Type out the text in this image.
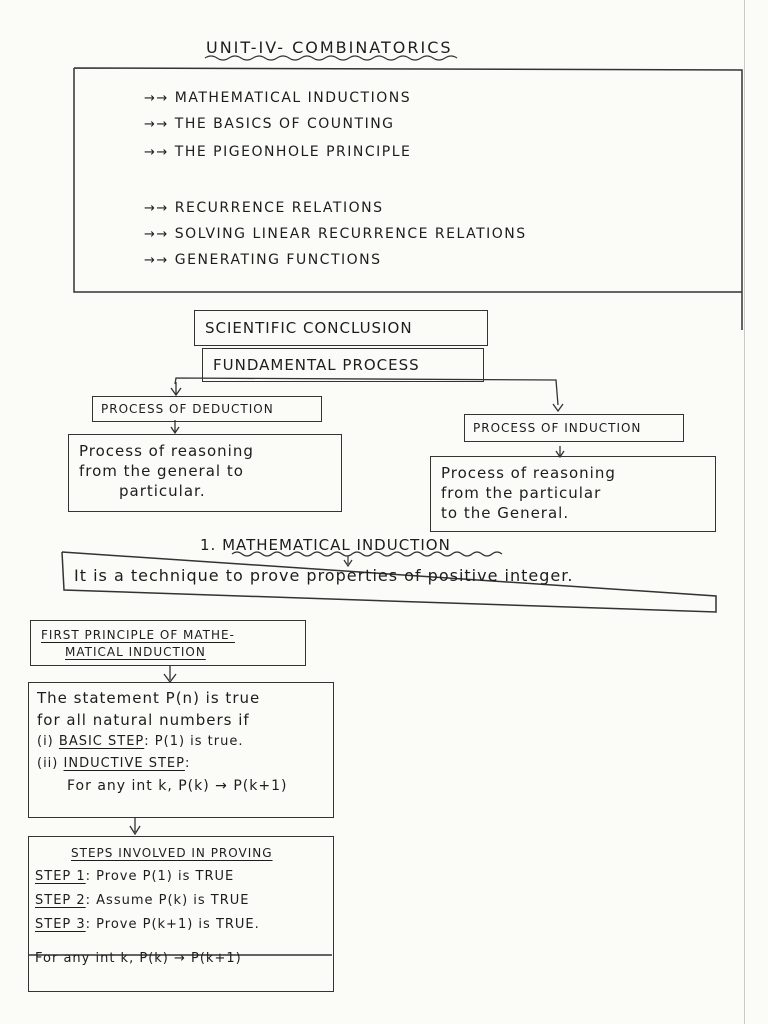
UNIT-IV- COMBINATORICS
→→ MATHEMATICAL INDUCTIONS
→→ THE BASICS OF COUNTING
→→ THE PIGEONHOLE PRINCIPLE
→→ RECURRENCE RELATIONS
→→ SOLVING LINEAR RECURRENCE RELATIONS
→→ GENERATING FUNCTIONS
SCIENTIFIC CONCLUSION
FUNDAMENTAL PROCESS
PROCESS OF DEDUCTION
PROCESS OF INDUCTION
Process of reasoning
from the general to
particular.
Process of reasoning
from the particular
to the General.
1. MATHEMATICAL INDUCTION
It is a technique to prove properties of positive integer.
FIRST PRINCIPLE OF MATHE-
MATICAL INDUCTION
The statement P(n) is true
for all natural numbers if
(i) BASIC STEP: P(1) is true.
(ii) INDUCTIVE STEP:
For any int k, P(k) → P(k+1)
STEPS INVOLVED IN PROVING
STEP 1: Prove P(1) is TRUE
STEP 2: Assume P(k) is TRUE
STEP 3: Prove P(k+1) is TRUE.
For any int k, P(k) → P(k+1)
